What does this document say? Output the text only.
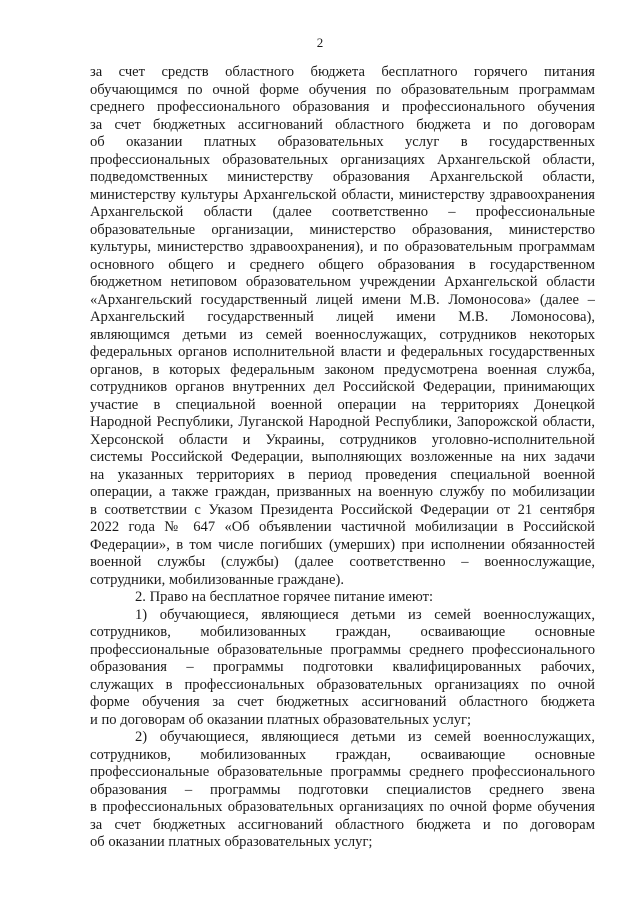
2
за счет средств областного бюджета бесплатного горячего питания
обучающимся по очной форме обучения по образовательным программам
среднего профессионального образования и профессионального обучения
за счет бюджетных ассигнований областного бюджета и по договорам
об оказании платных образовательных услуг в государственных
профессиональных образовательных организациях Архангельской области,
подведомственных министерству образования Архангельской области,
министерству культуры Архангельской области, министерству здравоохранения
Архангельской области (далее соответственно – профессиональные
образовательные организации, министерство образования, министерство
культуры, министерство здравоохранения), и по образовательным программам
основного общего и среднего общего образования в государственном
бюджетном нетиповом образовательном учреждении Архангельской области
«Архангельский государственный лицей имени М.В. Ломоносова» (далее –
Архангельский государственный лицей имени М.В. Ломоносова),
являющимся детьми из семей военнослужащих, сотрудников некоторых
федеральных органов исполнительной власти и федеральных государственных
органов, в которых федеральным законом предусмотрена военная служба,
сотрудников органов внутренних дел Российской Федерации, принимающих
участие в специальной военной операции на территориях Донецкой
Народной Республики, Луганской Народной Республики, Запорожской области,
Херсонской области и Украины, сотрудников уголовно-исполнительной
системы Российской Федерации, выполняющих возложенные на них задачи
на указанных территориях в период проведения специальной военной
операции, а также граждан, призванных на военную службу по мобилизации
в соответствии с Указом Президента Российской Федерации от 21 сентября
2022 года № 647 «Об объявлении частичной мобилизации в Российской
Федерации», в том числе погибших (умерших) при исполнении обязанностей
военной службы (службы) (далее соответственно – военнослужащие,
сотрудники, мобилизованные граждане).
2. Право на бесплатное горячее питание имеют:
1) обучающиеся, являющиеся детьми из семей военнослужащих,
сотрудников, мобилизованных граждан, осваивающие основные
профессиональные образовательные программы среднего профессионального
образования – программы подготовки квалифицированных рабочих,
служащих в профессиональных образовательных организациях по очной
форме обучения за счет бюджетных ассигнований областного бюджета
и по договорам об оказании платных образовательных услуг;
2) обучающиеся, являющиеся детьми из семей военнослужащих,
сотрудников, мобилизованных граждан, осваивающие основные
профессиональные образовательные программы среднего профессионального
образования – программы подготовки специалистов среднего звена
в профессиональных образовательных организациях по очной форме обучения
за счет бюджетных ассигнований областного бюджета и по договорам
об оказании платных образовательных услуг;
